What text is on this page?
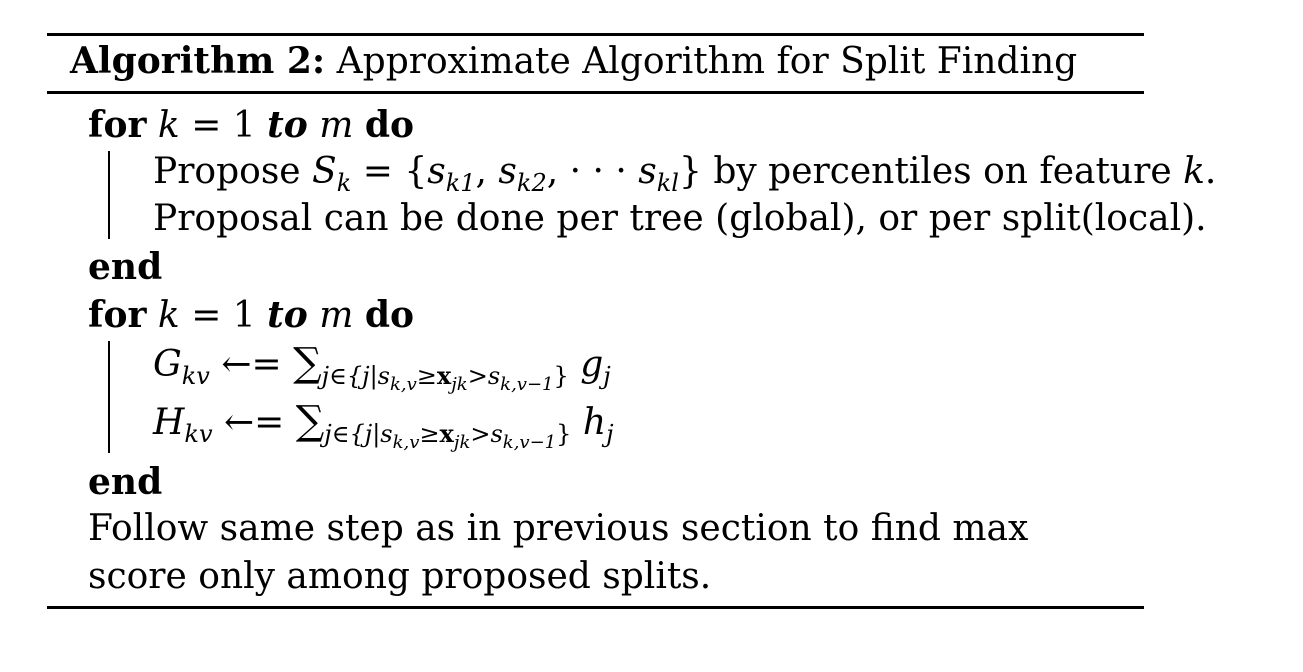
Algorithm 2: Approximate Algorithm for Split Finding
for k = 1 to m do
Propose $S_k = \{s_{k1}$, $s_{k2}$, · · · $s_{kl}$} by percentiles on feature k.
Proposal can be done per tree (global), or per split(local).
end
for k = 1 to m do
$G_{kv}$ ←= $\sum_{j\in\{j|s_{k,v}\ge x_{jk}>s_{k,v-1}\}}$ $g_j$
$H_{kv}$ ←= $\sum_{j\in\{j|s_{k,v}\ge x_{jk}>s_{k,v-1}\}}$ $h_j$
end
Follow same step as in previous section to find max
score only among proposed splits.
